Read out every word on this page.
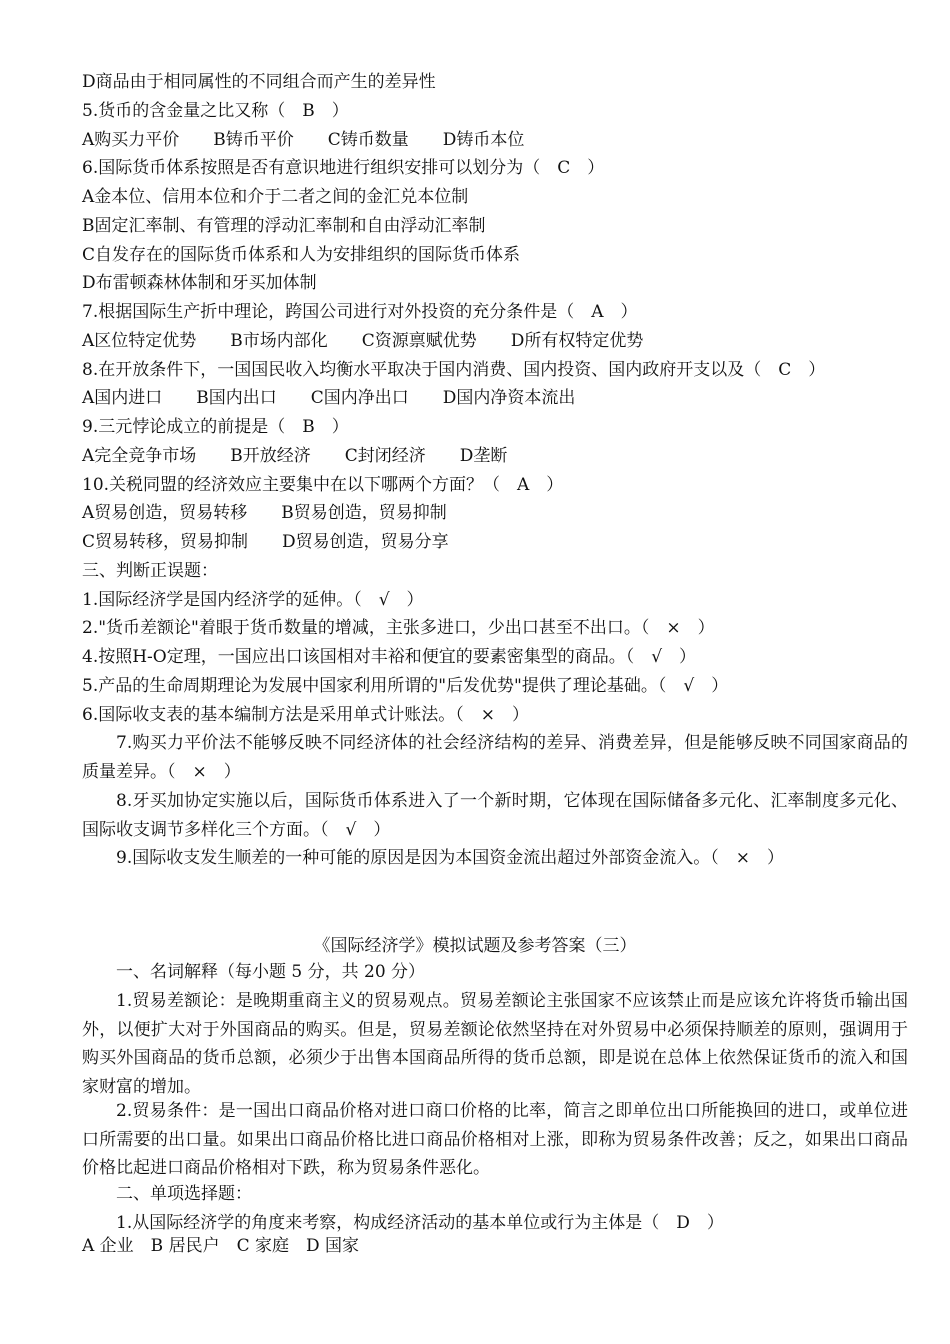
D商品由于相同属性的不同组合而产生的差异性
5.货币的含金量之比又称（　B　）
A购买力平价　　B铸币平价　　C铸币数量　　D铸币本位
6.国际货币体系按照是否有意识地进行组织安排可以划分为（　C　）
A金本位、信用本位和介于二者之间的金汇兑本位制
B固定汇率制、有管理的浮动汇率制和自由浮动汇率制
C自发存在的国际货币体系和人为安排组织的国际货币体系
D布雷顿森林体制和牙买加体制
7.根据国际生产折中理论，跨国公司进行对外投资的充分条件是（　A　）
A区位特定优势　　B市场内部化　　C资源禀赋优势　　D所有权特定优势
8.在开放条件下，一国国民收入均衡水平取决于国内消费、国内投资、国内政府开支以及（　C　）
A国内进口　　B国内出口　　C国内净出口　　D国内净资本流出
9.三元悖论成立的前提是（　B　）
A完全竞争市场　　B开放经济　　C封闭经济　　D垄断
10.关税同盟的经济效应主要集中在以下哪两个方面？（　A　）
A贸易创造，贸易转移　　B贸易创造，贸易抑制
C贸易转移，贸易抑制　　D贸易创造，贸易分享
三、判断正误题：
1.国际经济学是国内经济学的延伸。（　√　）
2."货币差额论"着眼于货币数量的增减，主张多进口，少出口甚至不出口。（　×　）
4.按照H-O定理，一国应出口该国相对丰裕和便宜的要素密集型的商品。（　√　）
5.产品的生命周期理论为发展中国家利用所谓的"后发优势"提供了理论基础。（　√　）
6.国际收支表的基本编制方法是采用单式计账法。（　×　）
7.购买力平价法不能够反映不同经济体的社会经济结构的差异、消费差异，但是能够反映不同国家商品的质量差异。（　×　）
8.牙买加协定实施以后，国际货币体系进入了一个新时期，它体现在国际储备多元化、汇率制度多元化、国际收支调节多样化三个方面。（　√　）
9.国际收支发生顺差的一种可能的原因是因为本国资金流出超过外部资金流入。（　×　）
《国际经济学》模拟试题及参考答案（三）
一、名词解释（每小题 5 分，共 20 分）
1.贸易差额论：是晚期重商主义的贸易观点。贸易差额论主张国家不应该禁止而是应该允许将货币输出国外，以便扩大对于外国商品的购买。但是，贸易差额论依然坚持在对外贸易中必须保持顺差的原则，强调用于购买外国商品的货币总额，必须少于出售本国商品所得的货币总额，即是说在总体上依然保证货币的流入和国家财富的增加。
2.贸易条件：是一国出口商品价格对进口商口价格的比率，简言之即单位出口所能换回的进口，或单位进口所需要的出口量。如果出口商品价格比进口商品价格相对上涨，即称为贸易条件改善；反之，如果出口商品价格比起进口商品价格相对下跌，称为贸易条件恶化。
二、单项选择题：
1.从国际经济学的角度来考察，构成经济活动的基本单位或行为主体是（　D　）
A 企业　B 居民户　C 家庭　D 国家
